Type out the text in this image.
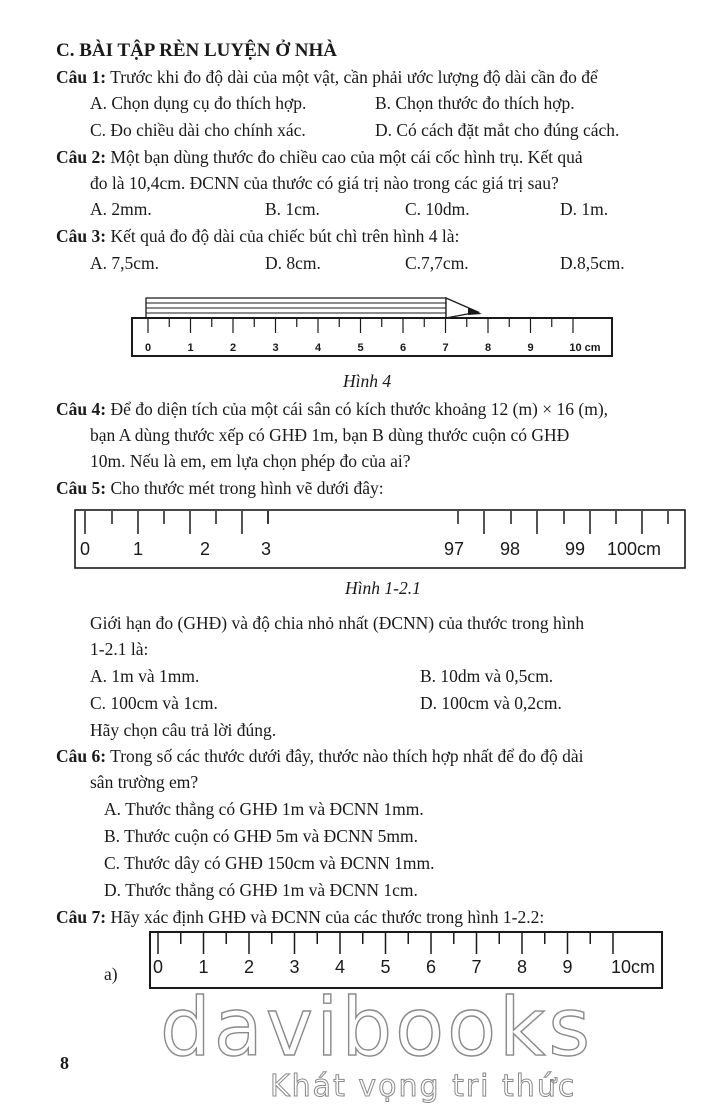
C. BÀI TẬP RÈN LUYỆN Ở NHÀ
Câu 1: Trước khi đo độ dài của một vật, cần phải ước lượng độ dài cần đo để
A. Chọn dụng cụ đo thích hợp.	B. Chọn thước đo thích hợp.
C. Đo chiều dài cho chính xác.	D. Có cách đặt mắt cho đúng cách.
Câu 2: Một bạn dùng thước đo chiều cao của một cái cốc hình trụ. Kết quả
đo là 10,4cm. ĐCNN của thước có giá trị nào trong các giá trị sau?
A. 2mm.	B. 1cm.	C. 10dm.	D. 1m.
Câu 3: Kết quả đo độ dài của chiếc bút chì trên hình 4 là:
A. 7,5cm.	D. 8cm.	C.7,7cm.	D.8,5cm.
0	1	2	3	4	5	6	7	8	9	10 cm
Hình 4
Câu 4: Để đo diện tích của một cái sân có kích thước khoảng 12 (m) × 16 (m),
bạn A dùng thước xếp có GHĐ 1m, bạn B dùng thước cuộn có GHĐ
10m. Nếu là em, em lựa chọn phép đo của ai?
Câu 5: Cho thước mét trong hình vẽ dưới đây:
0 1	2	3	97 98 99 100cm
Hình 1-2.1
Giới hạn đo (GHĐ) và độ chia nhỏ nhất (ĐCNN) của thước trong hình
1-2.1 là:
A. 1m và 1mm.	B. 10dm và 0,5cm.
C. 100cm và 1cm.	D. 100cm và 0,2cm.
Hãy chọn câu trả lời đúng.
Câu 6: Trong số các thước dưới đây, thước nào thích hợp nhất để đo độ dài
sân trường em?
A. Thước thẳng có GHĐ 1m và ĐCNN 1mm.
B. Thước cuộn có GHĐ 5m và ĐCNN 5mm.
C. Thước dây có GHĐ 150cm và ĐCNN 1mm.
D. Thước thẳng có GHĐ 1m và ĐCNN 1cm.
Câu 7: Hãy xác định GHĐ và ĐCNN của các thước trong hình 1-2.2:
a) 0 1 2 3 4 5 6 7 8 9 10cm
davibooks
Khát vọng tri thức
8
